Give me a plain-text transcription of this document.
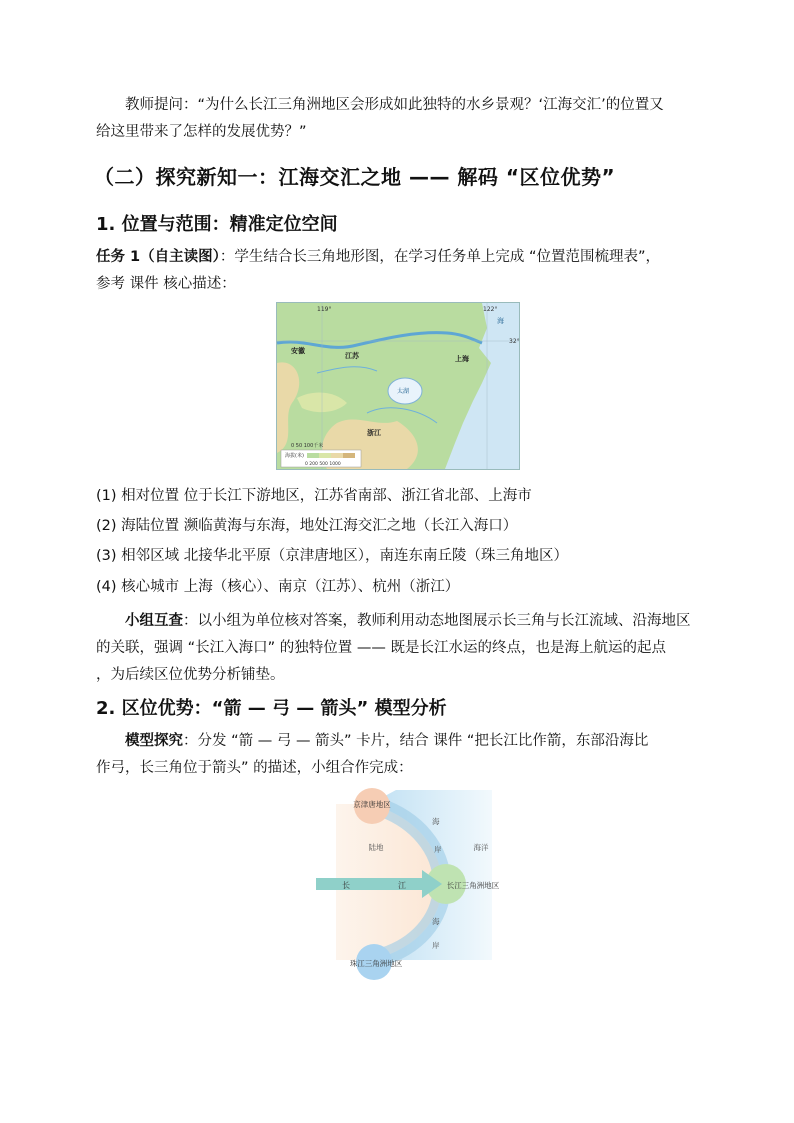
教师提问：“为什么长江三角洲地区会形成如此独特的水乡景观？‘江海交汇’的位置又
给这里带来了怎样的发展优势？”
（二）探究新知一：江海交汇之地 —— 解码 “区位优势”
1. 位置与范围：精准定位空间
任务 1（自主读图）：学生结合长三角地形图，在学习任务单上完成 “位置范围梳理表”，
参考 课件 核心描述：
119°	122°
32°
安徽
江苏	上海
浙江
太湖
海
0 50 100千米
海拔(米)
0 200 500 1000
(1) 相对位置 位于长江下游地区，江苏省南部、浙江省北部、上海市
(2) 海陆位置 濒临黄海与东海，地处江海交汇之地（长江入海口）
(3) 相邻区域 北接华北平原（京津唐地区），南连东南丘陵（珠三角地区）
(4) 核心城市 上海（核心）、南京（江苏）、杭州（浙江）
小组互查：以小组为单位核对答案，教师利用动态地图展示长三角与长江流域、沿海地区
的关联，强调 “长江入海口” 的独特位置 —— 既是长江水运的终点，也是海上航运的起点
，为后续区位优势分析铺垫。
2. 区位优势：“箭 — 弓 — 箭头” 模型分析
模型探究：分发 “箭 — 弓 — 箭头” 卡片，结合 课件 “把长江比作箭，东部沿海比
作弓，长三角位于箭头” 的描述，小组合作完成：
京津唐地区
珠江三角洲地区
长江三角洲地区
陆地	海洋
海
岸
海
岸
长	江
